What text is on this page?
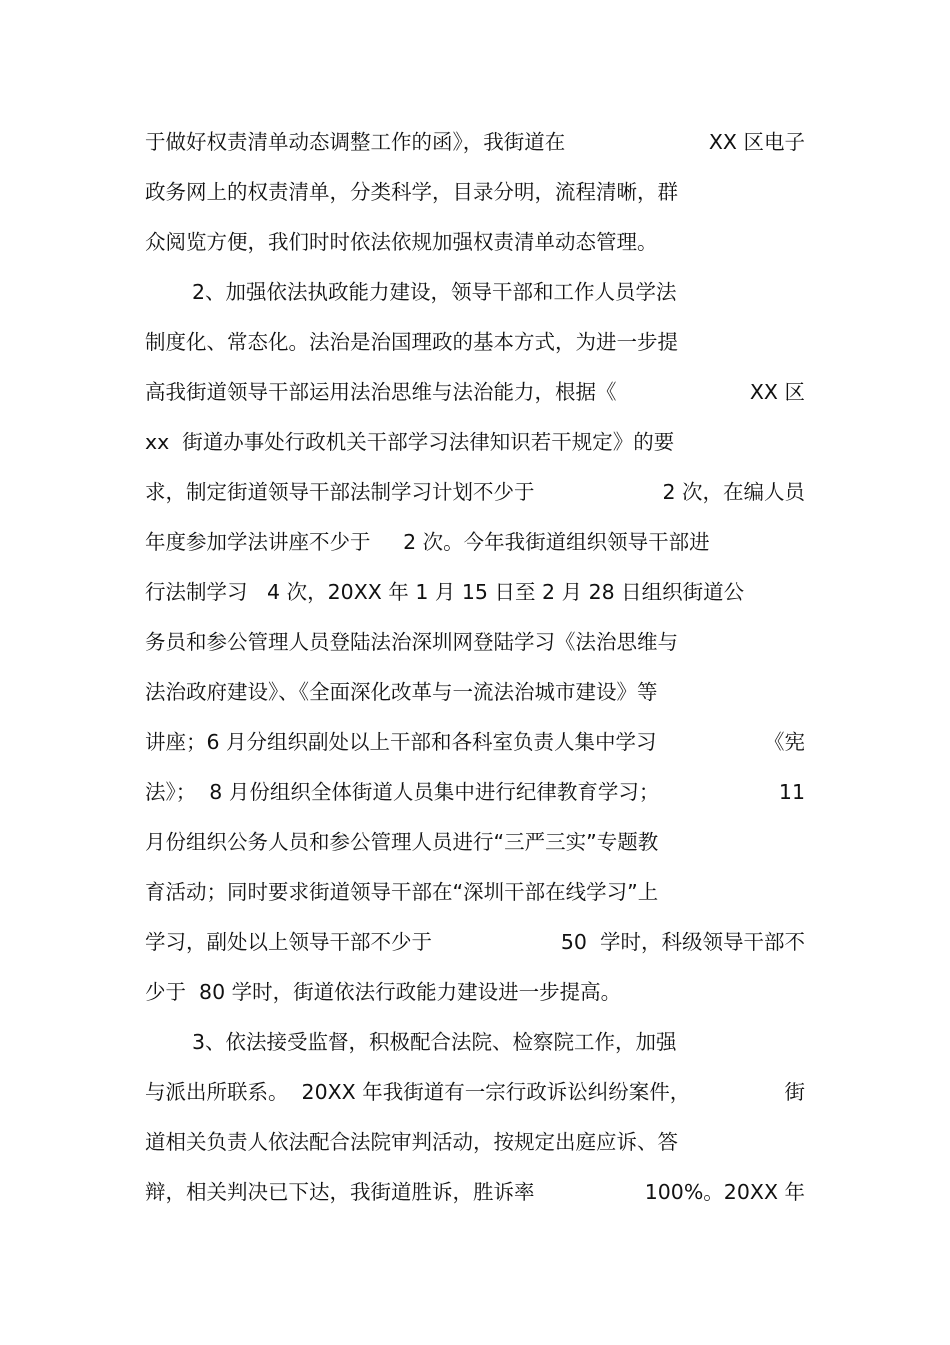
于做好权责清单动态调整工作的函》，我街道在	XX 区电子
政务网上的权责清单，分类科学，目录分明，流程清晰，群
众阅览方便，我们时时依法依规加强权责清单动态管理。
2、加强依法执政能力建设，领导干部和工作人员学法
制度化、常态化。法治是治国理政的基本方式，为进一步提
高我街道领导干部运用法治思维与法治能力，根据《	XX 区
xx  街道办事处行政机关干部学习法律知识若干规定》的要
求，制定街道领导干部法制学习计划不少于	2 次，在编人员
年度参加学法讲座不少于     2 次。今年我街道组织领导干部进
行法制学习   4 次，20XX 年 1 月 15 日至 2 月 28 日组织街道公
务员和参公管理人员登陆法治深圳网登陆学习《法治思维与
法治政府建设》、《全面深化改革与一流法治城市建设》等
讲座；6 月分组织副处以上干部和各科室负责人集中学习	《宪
法》；  8 月份组织全体街道人员集中进行纪律教育学习；	11
月份组织公务人员和参公管理人员进行“三严三实”专题教
育活动；同时要求街道领导干部在“深圳干部在线学习”上
学习，副处以上领导干部不少于	50  学时，科级领导干部不
少于  80 学时，街道依法行政能力建设进一步提高。
3、依法接受监督，积极配合法院、检察院工作，加强
与派出所联系。  20XX 年我街道有一宗行政诉讼纠纷案件，	街
道相关负责人依法配合法院审判活动，按规定出庭应诉、答
辩，相关判决已下达，我街道胜诉，胜诉率	100%。20XX 年
